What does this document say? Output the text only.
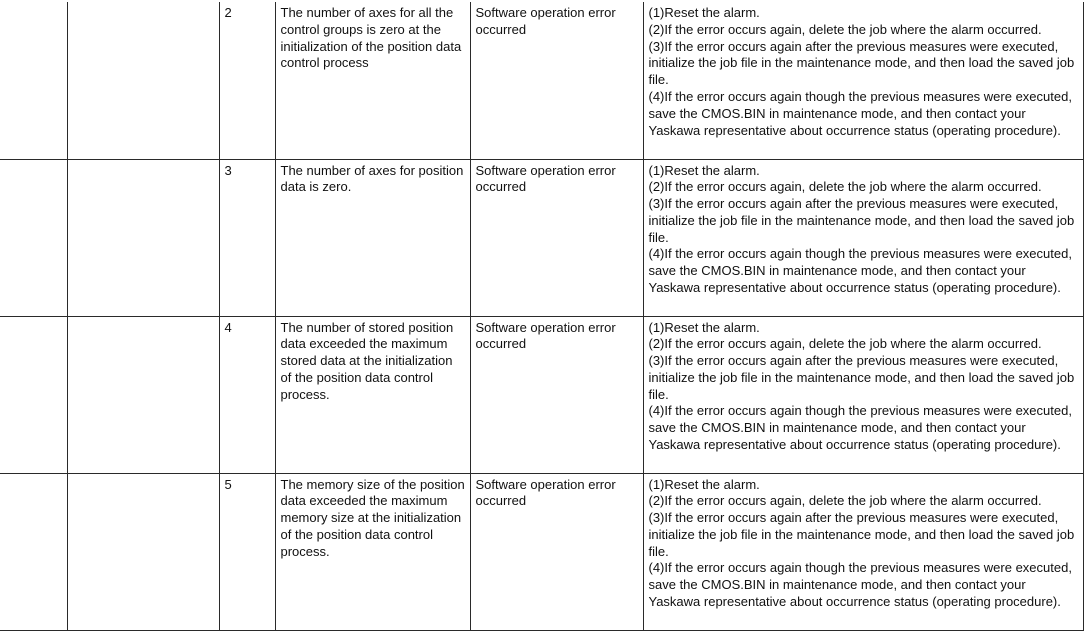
		2	The number of axes for all the control groups is zero at the initialization of the position data control process	Software operation error occurred	(1)Reset the alarm.
(2)If the error occurs again, delete the job where the alarm occurred.
(3)If the error occurs again after the previous measures were executed, initialize the job file in the maintenance mode, and then load the saved job file.
(4)If the error occurs again though the previous measures were executed, save the CMOS.BIN in maintenance mode, and then contact your Yaskawa representative about occurrence status (operating procedure).

		3	The number of axes for position data is zero.	Software operation error occurred	(1)Reset the alarm.
(2)If the error occurs again, delete the job where the alarm occurred.
(3)If the error occurs again after the previous measures were executed, initialize the job file in the maintenance mode, and then load the saved job file.
(4)If the error occurs again though the previous measures were executed, save the CMOS.BIN in maintenance mode, and then contact your Yaskawa representative about occurrence status (operating procedure).

		4	The number of stored position data exceeded the maximum stored data at the initialization of the position data control process.	Software operation error occurred	(1)Reset the alarm.
(2)If the error occurs again, delete the job where the alarm occurred.
(3)If the error occurs again after the previous measures were executed, initialize the job file in the maintenance mode, and then load the saved job file.
(4)If the error occurs again though the previous measures were executed, save the CMOS.BIN in maintenance mode, and then contact your Yaskawa representative about occurrence status (operating procedure).

		5	The memory size of the position data exceeded the maximum memory size at the initialization of the position data control process.	Software operation error occurred	(1)Reset the alarm.
(2)If the error occurs again, delete the job where the alarm occurred.
(3)If the error occurs again after the previous measures were executed, initialize the job file in the maintenance mode, and then load the saved job file.
(4)If the error occurs again though the previous measures were executed, save the CMOS.BIN in maintenance mode, and then contact your Yaskawa representative about occurrence status (operating procedure).
